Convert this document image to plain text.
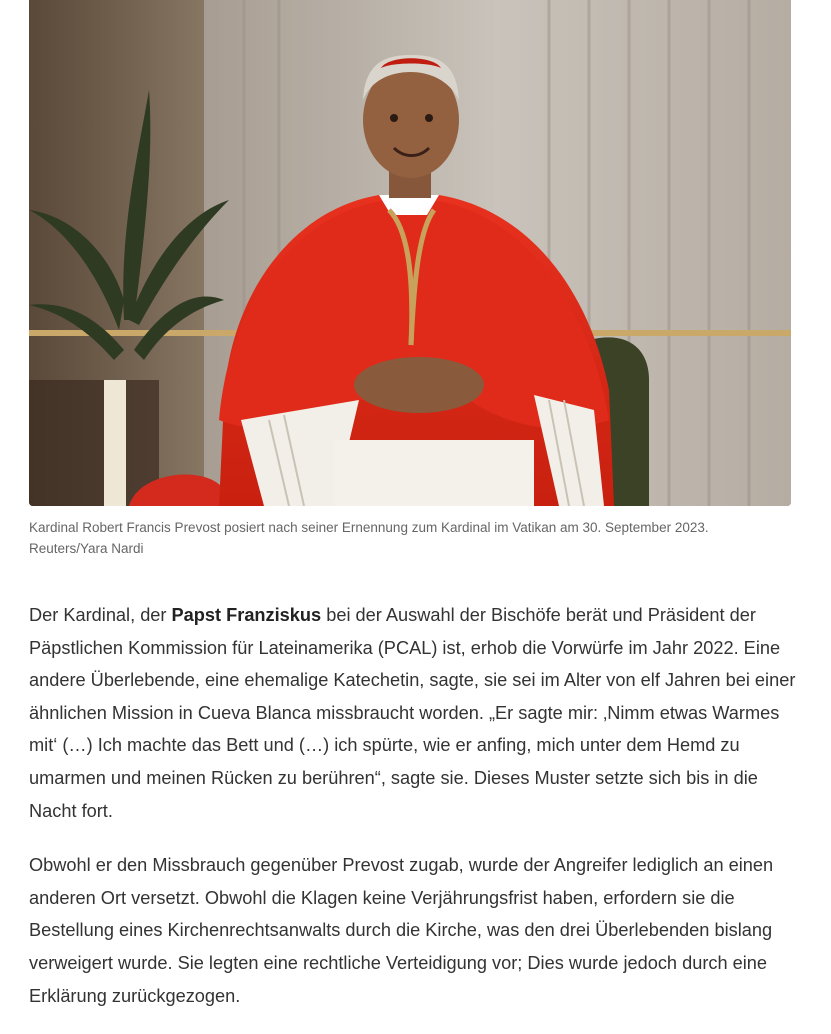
Kardinal Robert Francis Prevost posiert nach seiner Ernennung zum Kardinal im Vatikan am 30. September 2023.
Reuters/Yara Nardi

Der Kardinal, der Papst Franziskus bei der Auswahl der Bischöfe berät und Präsident der Päpstlichen Kommission für Lateinamerika (PCAL) ist, erhob die Vorwürfe im Jahr 2022. Eine andere Überlebende, eine ehemalige Katechetin, sagte, sie sei im Alter von elf Jahren bei einer ähnlichen Mission in Cueva Blanca missbraucht worden. „Er sagte mir: ‚Nimm etwas Warmes mit‘ (…) Ich machte das Bett und (…) ich spürte, wie er anfing, mich unter dem Hemd zu umarmen und meinen Rücken zu berühren“, sagte sie. Dieses Muster setzte sich bis in die Nacht fort.

Obwohl er den Missbrauch gegenüber Prevost zugab, wurde der Angreifer lediglich an einen anderen Ort versetzt. Obwohl die Klagen keine Verjährungsfrist haben, erfordern sie die Bestellung eines Kirchenrechtsanwalts durch die Kirche, was den drei Überlebenden bislang verweigert wurde. Sie legten eine rechtliche Verteidigung vor; Dies wurde jedoch durch eine Erklärung zurückgezogen.
